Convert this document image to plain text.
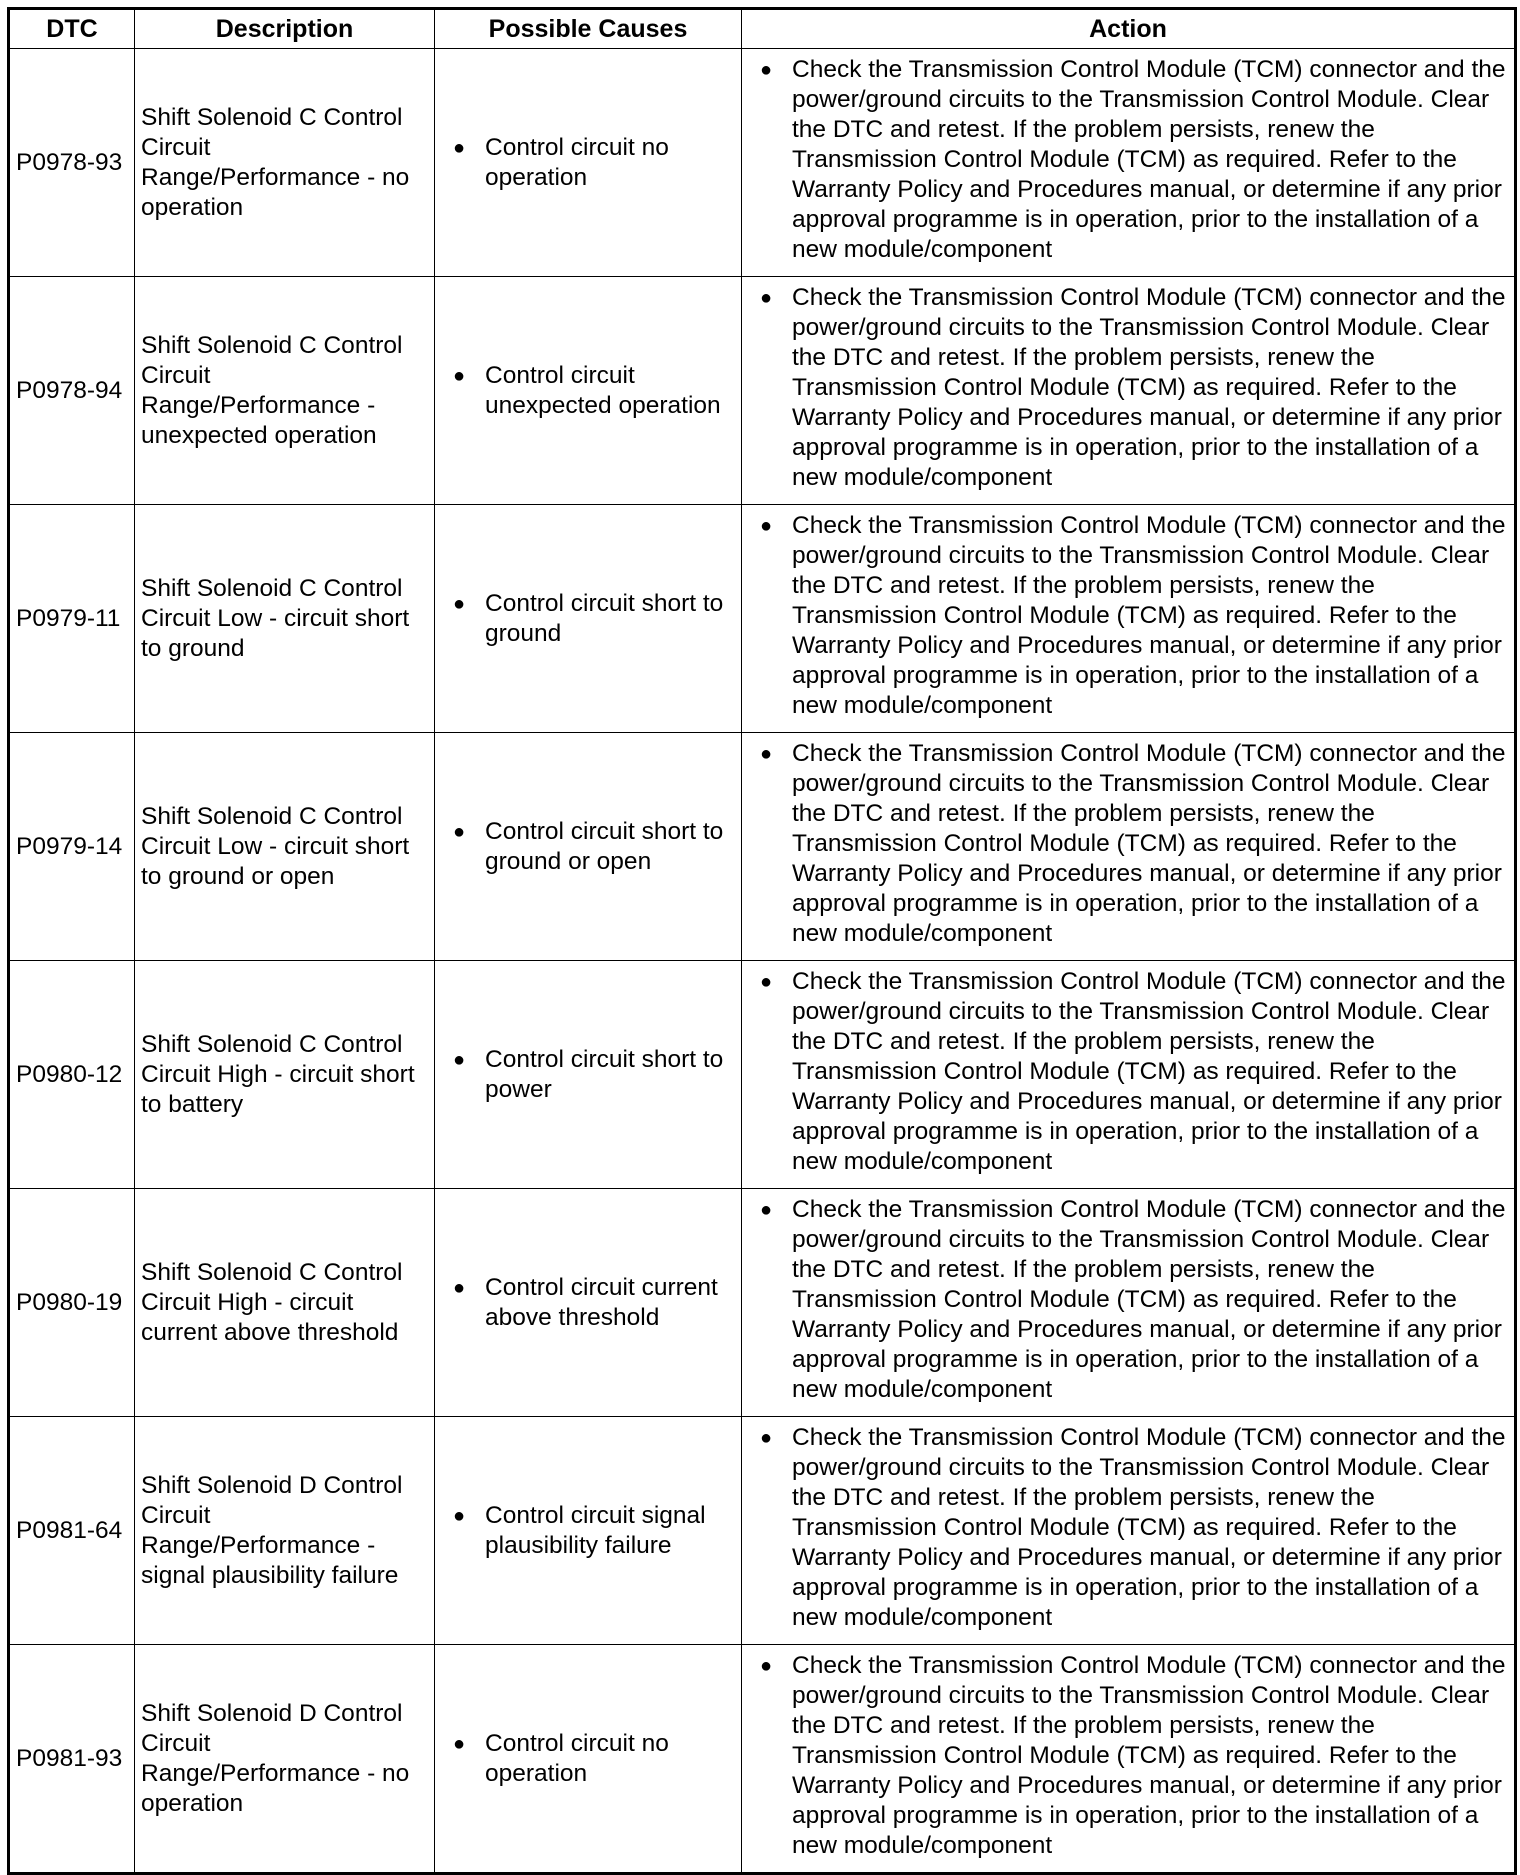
DTC	Description	Possible Causes	Action
P0978-93	Shift Solenoid C Control Circuit Range/Performance - no operation	● Control circuit no operation	● Check the Transmission Control Module (TCM) connector and the power/ground circuits to the Transmission Control Module. Clear the DTC and retest. If the problem persists, renew the Transmission Control Module (TCM) as required. Refer to the Warranty Policy and Procedures manual, or determine if any prior approval programme is in operation, prior to the installation of a new module/component

P0978-94	Shift Solenoid C Control Circuit Range/Performance - unexpected operation	● Control circuit unexpected operation	● Check the Transmission Control Module (TCM) connector and the power/ground circuits to the Transmission Control Module. Clear the DTC and retest. If the problem persists, renew the Transmission Control Module (TCM) as required. Refer to the Warranty Policy and Procedures manual, or determine if any prior approval programme is in operation, prior to the installation of a new module/component

P0979-11	Shift Solenoid C Control Circuit Low - circuit short to ground	● Control circuit short to ground	● Check the Transmission Control Module (TCM) connector and the power/ground circuits to the Transmission Control Module. Clear the DTC and retest. If the problem persists, renew the Transmission Control Module (TCM) as required. Refer to the Warranty Policy and Procedures manual, or determine if any prior approval programme is in operation, prior to the installation of a new module/component

P0979-14	Shift Solenoid C Control Circuit Low - circuit short to ground or open	● Control circuit short to ground or open	● Check the Transmission Control Module (TCM) connector and the power/ground circuits to the Transmission Control Module. Clear the DTC and retest. If the problem persists, renew the Transmission Control Module (TCM) as required. Refer to the Warranty Policy and Procedures manual, or determine if any prior approval programme is in operation, prior to the installation of a new module/component

P0980-12	Shift Solenoid C Control Circuit High - circuit short to battery	● Control circuit short to power	● Check the Transmission Control Module (TCM) connector and the power/ground circuits to the Transmission Control Module. Clear the DTC and retest. If the problem persists, renew the Transmission Control Module (TCM) as required. Refer to the Warranty Policy and Procedures manual, or determine if any prior approval programme is in operation, prior to the installation of a new module/component

P0980-19	Shift Solenoid C Control Circuit High - circuit current above threshold	● Control circuit current above threshold	● Check the Transmission Control Module (TCM) connector and the power/ground circuits to the Transmission Control Module. Clear the DTC and retest. If the problem persists, renew the Transmission Control Module (TCM) as required. Refer to the Warranty Policy and Procedures manual, or determine if any prior approval programme is in operation, prior to the installation of a new module/component

P0981-64	Shift Solenoid D Control Circuit Range/Performance - signal plausibility failure	● Control circuit signal plausibility failure	● Check the Transmission Control Module (TCM) connector and the power/ground circuits to the Transmission Control Module. Clear the DTC and retest. If the problem persists, renew the Transmission Control Module (TCM) as required. Refer to the Warranty Policy and Procedures manual, or determine if any prior approval programme is in operation, prior to the installation of a new module/component

P0981-93	Shift Solenoid D Control Circuit Range/Performance - no operation	● Control circuit no operation	● Check the Transmission Control Module (TCM) connector and the power/ground circuits to the Transmission Control Module. Clear the DTC and retest. If the problem persists, renew the Transmission Control Module (TCM) as required. Refer to the Warranty Policy and Procedures manual, or determine if any prior approval programme is in operation, prior to the installation of a new module/component
